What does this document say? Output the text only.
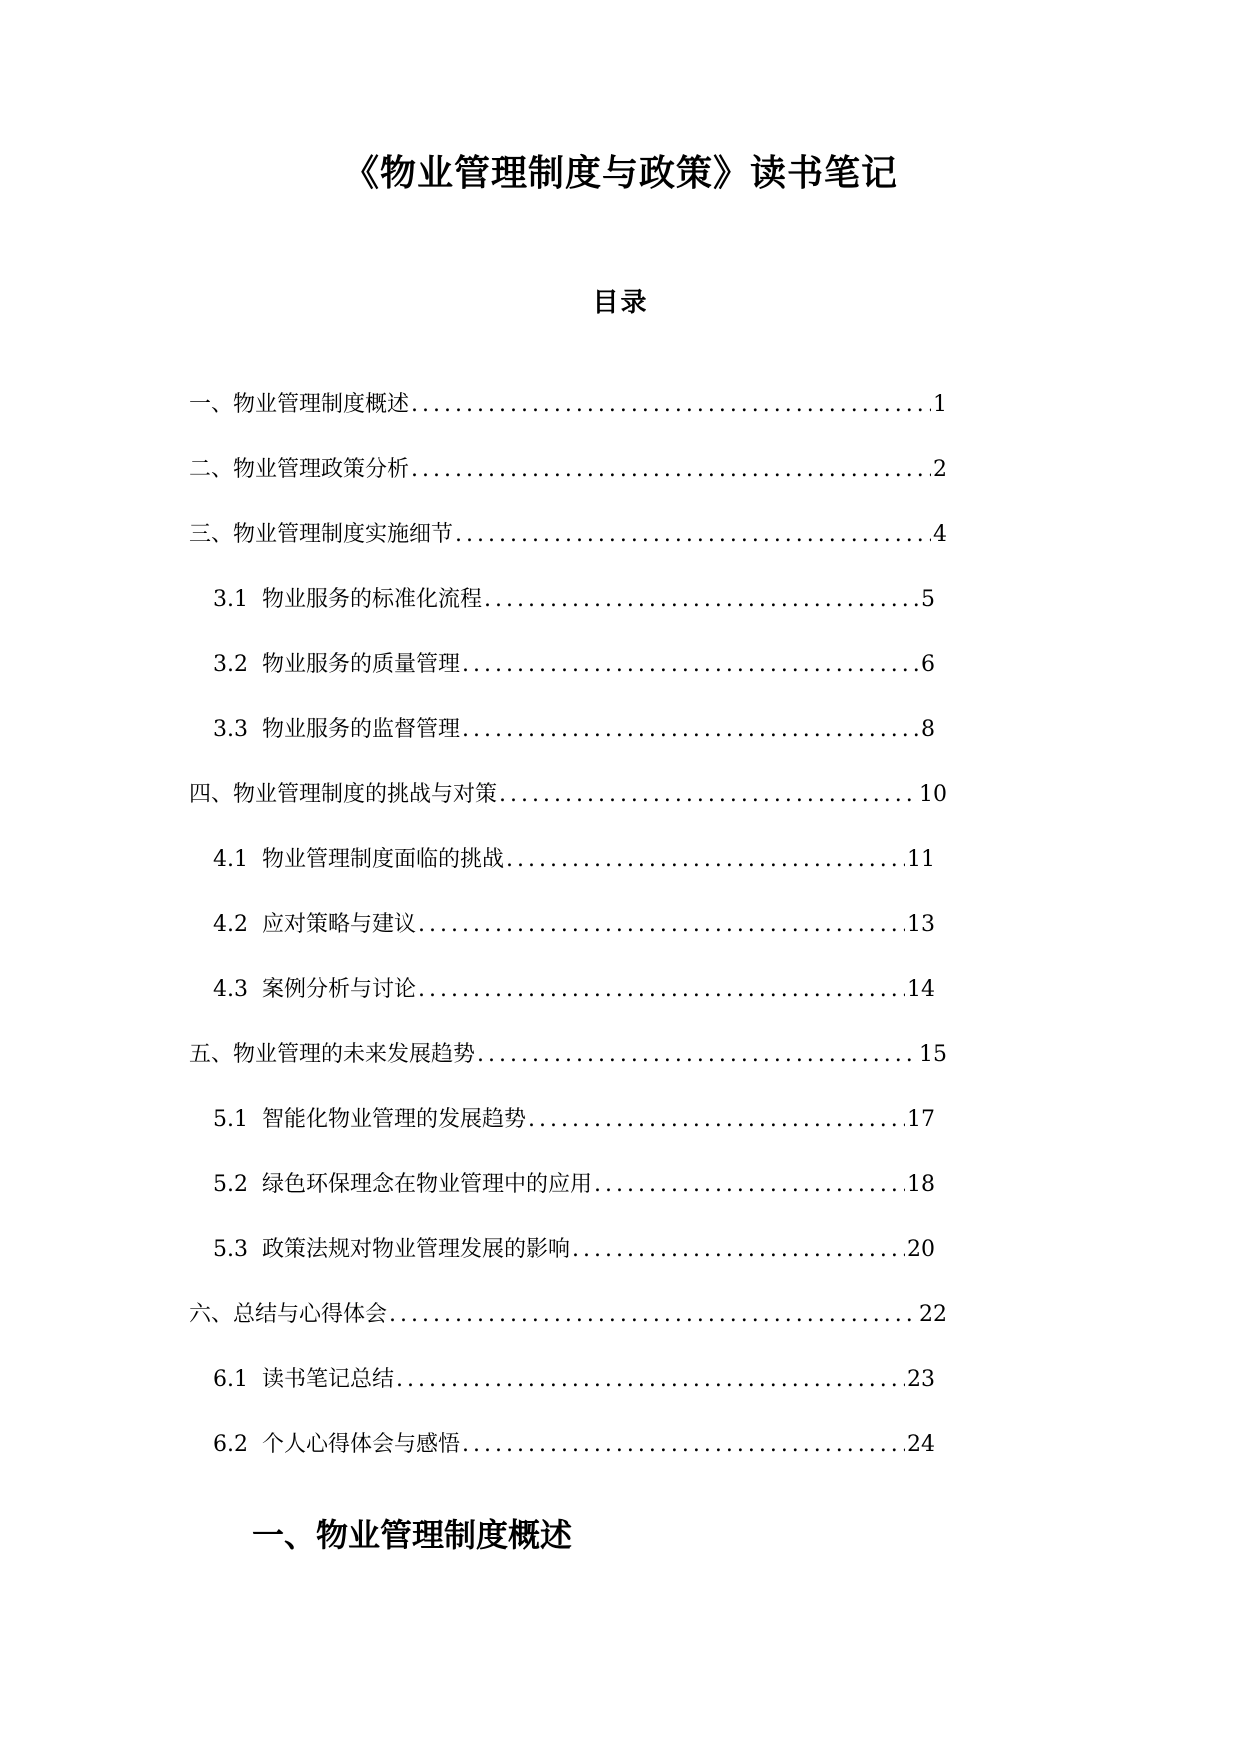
《物业管理制度与政策》读书笔记
目录
一、物业管理制度概述 .....	1
二、物业管理政策分析 .....	2
三、物业管理制度实施细节 .....	4
3.1 物业服务的标准化流程 .....	5
3.2 物业服务的质量管理 .....	6
3.3 物业服务的监督管理 .....	8
四、物业管理制度的挑战与对策 .....	10
4.1 物业管理制度面临的挑战 .....	11
4.2 应对策略与建议 .....	13
4.3 案例分析与讨论 .....	14
五、物业管理的未来发展趋势 .....	15
5.1 智能化物业管理的发展趋势 .....	17
5.2 绿色环保理念在物业管理中的应用 .....	18
5.3 政策法规对物业管理发展的影响 .....	20
六、总结与心得体会 .....	22
6.1 读书笔记总结 .....	23
6.2 个人心得体会与感悟 .....	24
一、物业管理制度概述
